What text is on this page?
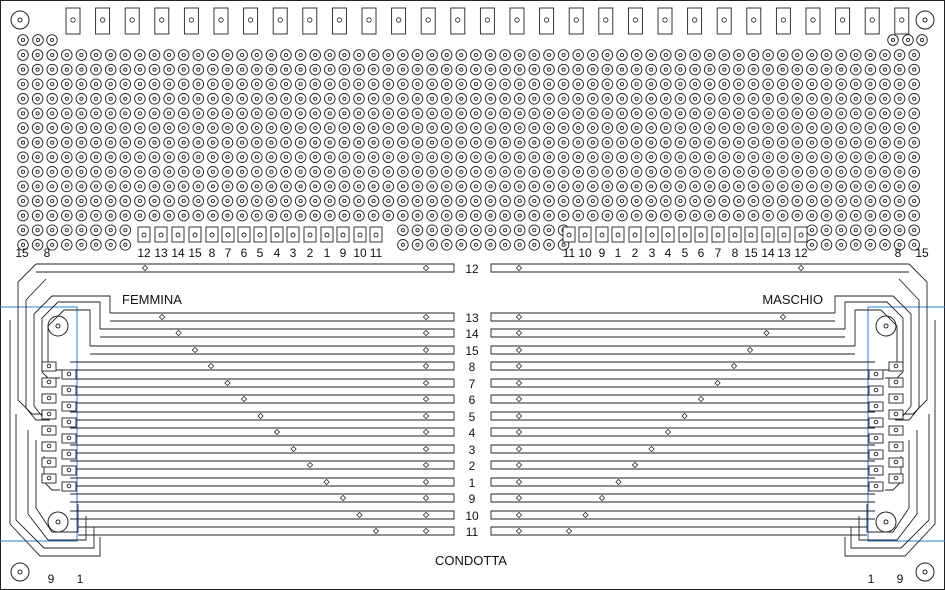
15 8	8 15
12 13 14 15 8 7 6 5 4 3 2 1 9 10 11	11 10 9 1 2 3 4 5 6 7 8 15 14 13 12
12
13
14
15
8
7
6
5
4
3
2
1
9
10
11
FEMMINA	MASCHIO
CONDOTTA
9 1	1 9
